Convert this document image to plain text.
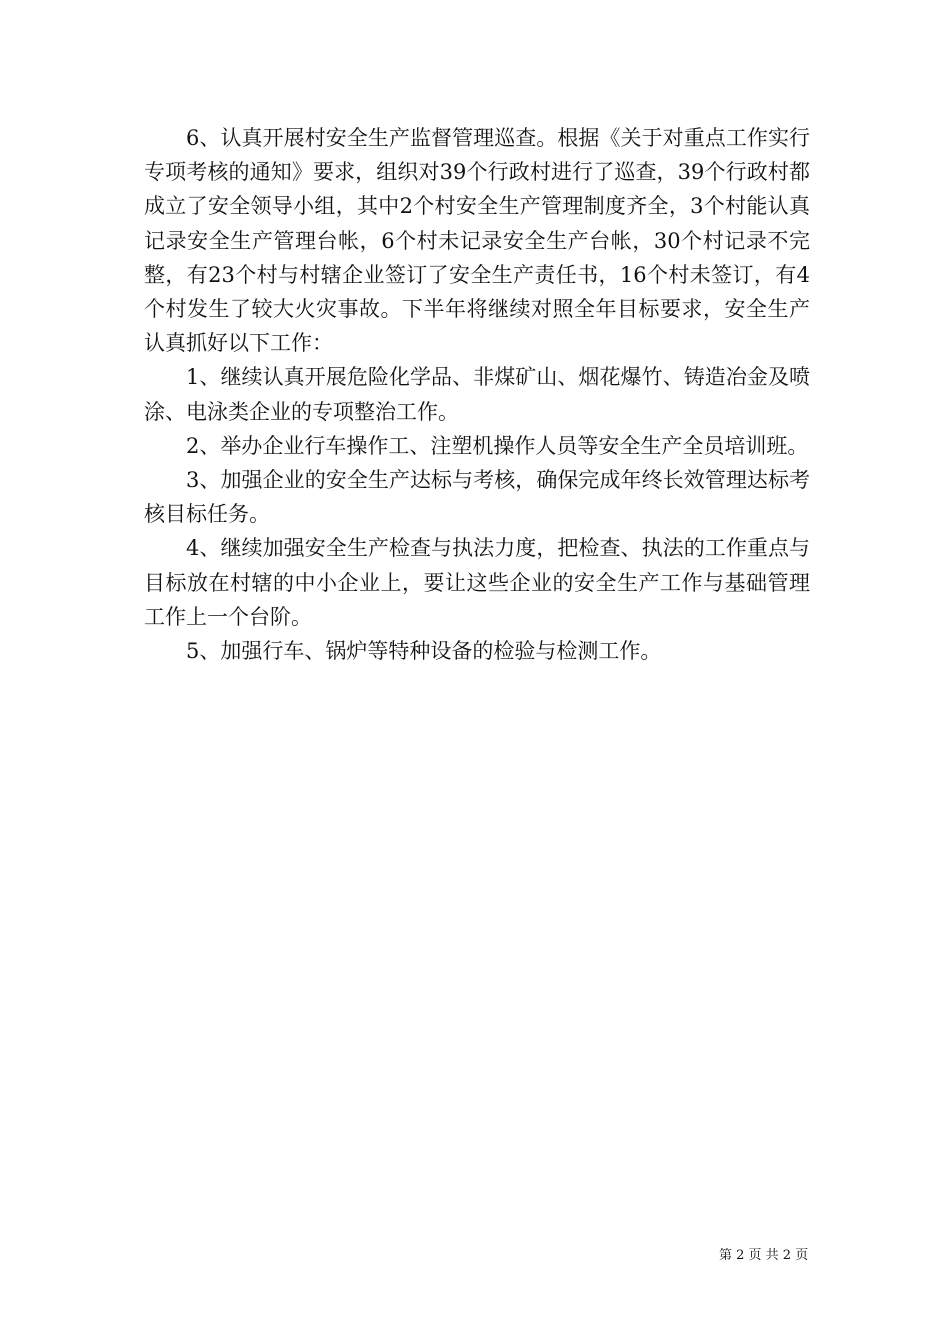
6、认真开展村安全生产监督管理巡查。根据《关于对重点工作实行专项考核的通知》要求，组织对39个行政村进行了巡查，39个行政村都成立了安全领导小组，其中2个村安全生产管理制度齐全，3个村能认真记录安全生产管理台帐，6个村未记录安全生产台帐，30个村记录不完整，有23个村与村辖企业签订了安全生产责任书，16个村未签订，有4个村发生了较大火灾事故。下半年将继续对照全年目标要求，安全生产认真抓好以下工作：

1、继续认真开展危险化学品、非煤矿山、烟花爆竹、铸造冶金及喷涂、电泳类企业的专项整治工作。

2、举办企业行车操作工、注塑机操作人员等安全生产全员培训班。

3、加强企业的安全生产达标与考核，确保完成年终长效管理达标考核目标任务。

4、继续加强安全生产检查与执法力度，把检查、执法的工作重点与目标放在村辖的中小企业上，要让这些企业的安全生产工作与基础管理工作上一个台阶。

5、加强行车、锅炉等特种设备的检验与检测工作。

第 2 页 共 2 页
